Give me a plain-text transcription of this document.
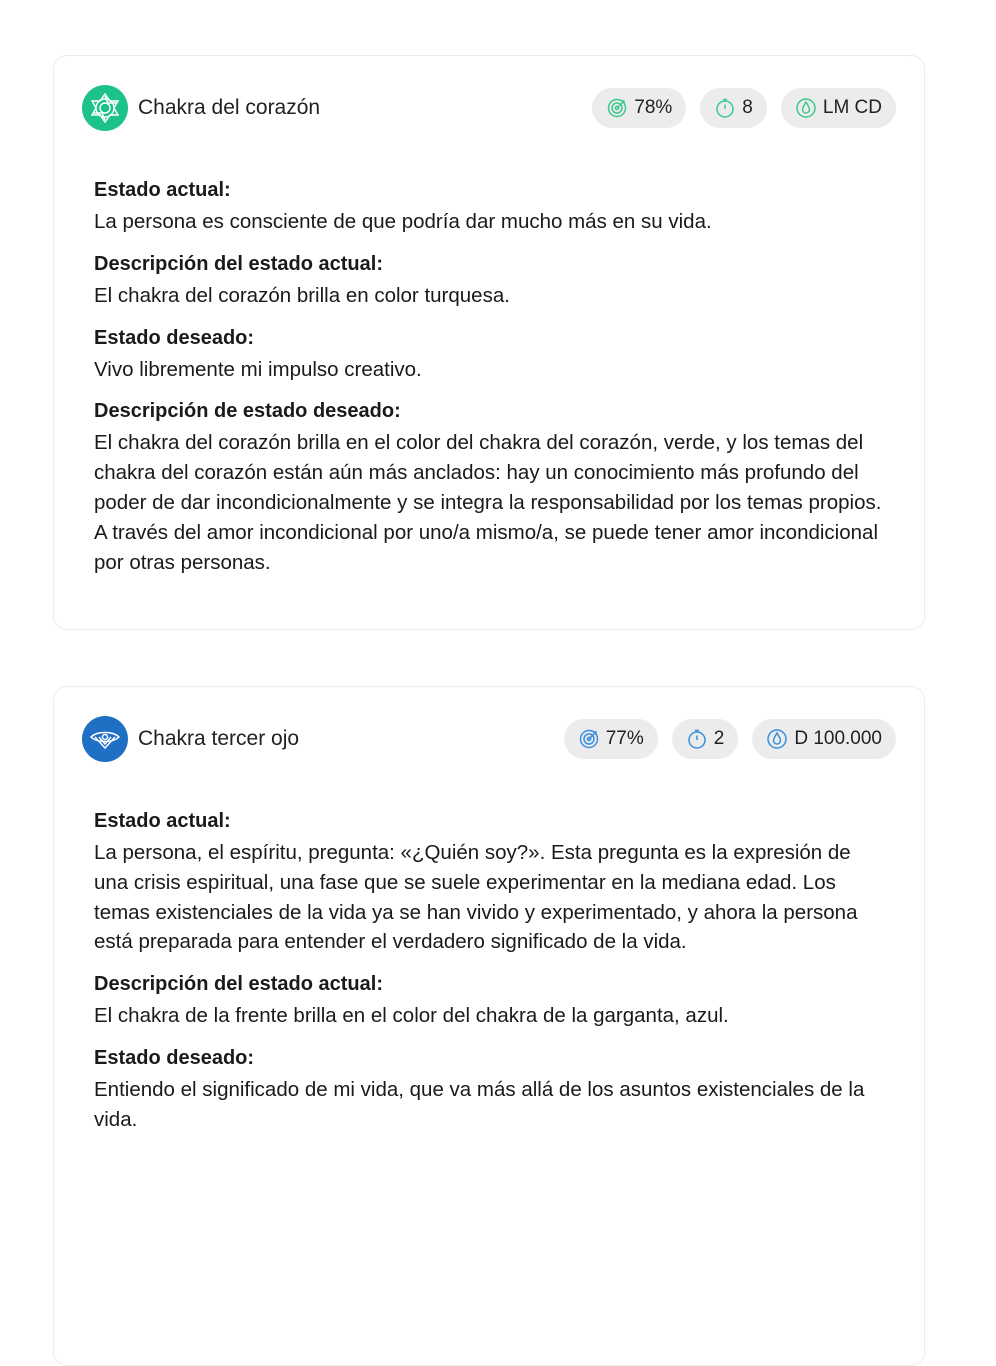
Chakra del corazón	78%	8	LM CD

Estado actual:

La persona es consciente de que podría dar mucho más en su vida.

Descripción del estado actual:

El chakra del corazón brilla en color turquesa.

Estado deseado:

Vivo libremente mi impulso creativo.

Descripción de estado deseado:

El chakra del corazón brilla en el color del chakra del corazón, verde, y los temas del chakra del corazón están aún más anclados: hay un conocimiento más profundo del poder de dar incondicionalmente y se integra la responsabilidad por los temas propios. A través del amor incondicional por uno/a mismo/a, se puede tener amor incondicional por otras personas.

Chakra tercer ojo	77%	2	D 100.000

Estado actual:

La persona, el espíritu, pregunta: «¿Quién soy?». Esta pregunta es la expresión de una crisis espiritual, una fase que se suele experimentar en la mediana edad. Los temas existenciales de la vida ya se han vivido y experimentado, y ahora la persona está preparada para entender el verdadero significado de la vida.

Descripción del estado actual:

El chakra de la frente brilla en el color del chakra de la garganta, azul.

Estado deseado:

Entiendo el significado de mi vida, que va más allá de los asuntos existenciales de la vida.
